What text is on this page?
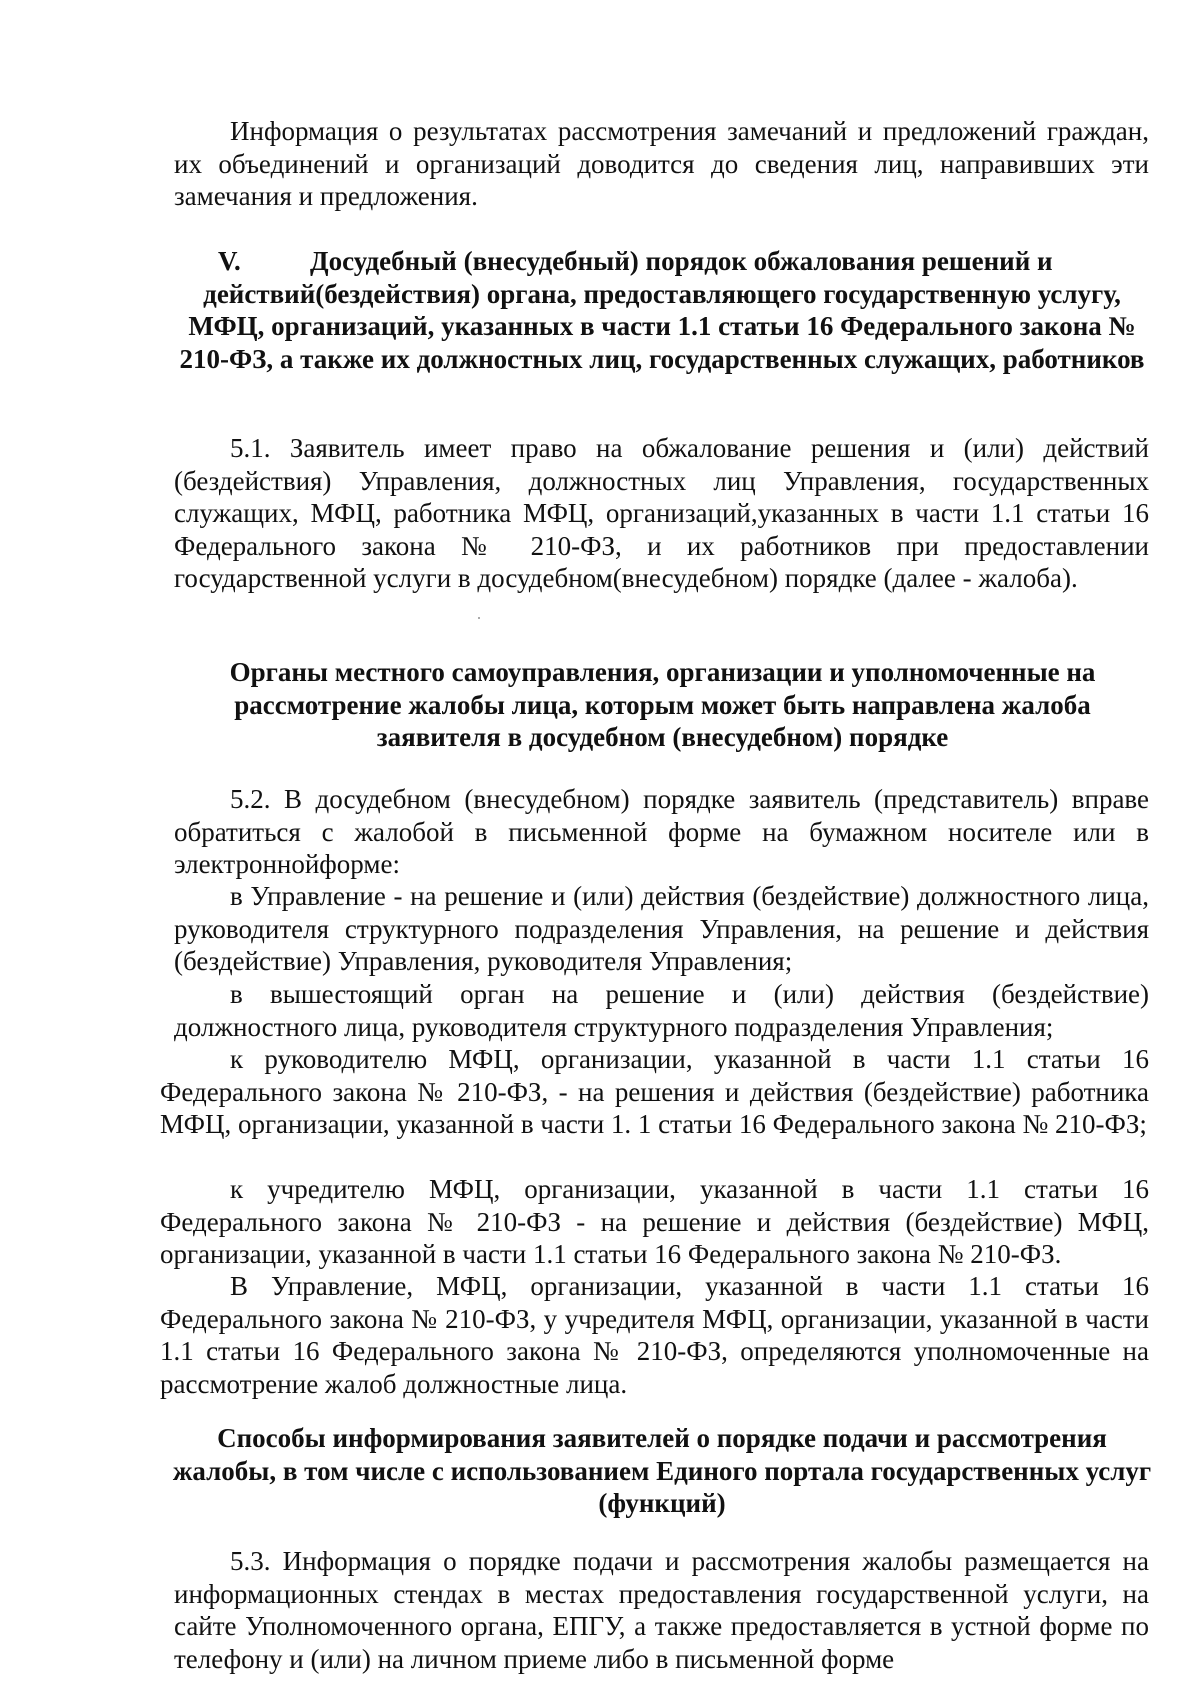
Информация о результатах рассмотрения замечаний и предложений граждан, их объединений и организаций доводится до сведения лиц, направивших эти замечания и предложения.

V.	Досудебный (внесудебный) порядок обжалования решений и
действий(бездействия) органа, предоставляющего государственную услугу, МФЦ, организаций, указанных в части 1.1 статьи 16 Федерального закона № 210-ФЗ, а также их должностных лиц, государственных служащих, работников

5.1. Заявитель имеет право на обжалование решения и (или) действий (бездействия) Управления, должностных лиц Управления, государственных служащих, МФЦ, работника МФЦ, организаций,указанных в части 1.1 статьи 16 Федерального закона № 210-ФЗ, и их работников при предоставлении государственной услуги в досудебном(внесудебном) порядке (далее - жалоба).

Органы местного самоуправления, организации и уполномоченные на рассмотрение жалобы лица, которым может быть направлена жалоба заявителя в досудебном (внесудебном) порядке

5.2. В досудебном (внесудебном) порядке заявитель (представитель) вправе обратиться с жалобой в письменной форме на бумажном носителе или в электроннойформе:

в Управление - на решение и (или) действия (бездействие) должностного лица, руководителя структурного подразделения Управления, на решение и действия (бездействие) Управления, руководителя Управления;

в вышестоящий орган на решение и (или) действия (бездействие) должностного лица, руководителя структурного подразделения Управления;

к руководителю МФЦ, организации, указанной в части 1.1 статьи 16 Федерального закона № 210-ФЗ, - на решения и действия (бездействие) работника МФЦ, организации, указанной в части 1. 1 статьи 16 Федерального закона № 210-ФЗ;

к учредителю МФЦ, организации, указанной в части 1.1 статьи 16 Федерального закона № 210-ФЗ - на решение и действия (бездействие) МФЦ, организации, указанной в части 1.1 статьи 16 Федерального закона № 210-ФЗ.

В Управление, МФЦ, организации, указанной в части 1.1 статьи 16 Федерального закона № 210-ФЗ, у учредителя МФЦ, организации, указанной в части 1.1 статьи 16 Федерального закона № 210-ФЗ, определяются уполномоченные на рассмотрение жалоб должностные лица.

Способы информирования заявителей о порядке подачи и рассмотрения жалобы, в том числе с использованием Единого портала государственных услуг (функций)

5.3. Информация о порядке подачи и рассмотрения жалобы размещается на информационных стендах в местах предоставления государственной услуги, на сайте Уполномоченного органа, ЕПГУ, а также предоставляется в устной форме по телефону и (или) на личном приеме либо в письменной форме
